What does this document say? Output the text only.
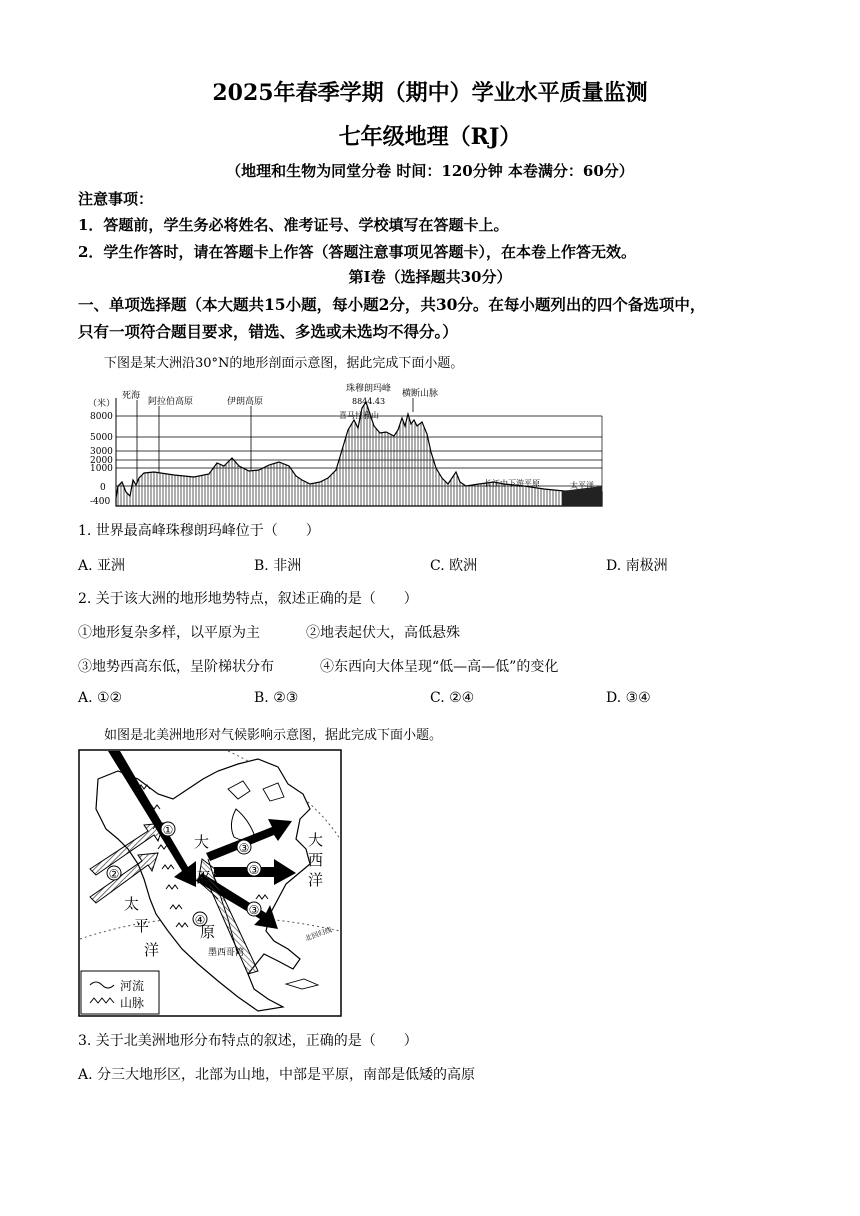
2025年春季学期（期中）学业水平质量监测
七年级地理（RJ）
（地理和生物为同堂分卷 时间：120分钟 本卷满分：60分）
注意事项：
1．答题前，学生务必将姓名、准考证号、学校填写在答题卡上。
2．学生作答时，请在答题卡上作答（答题注意事项见答题卡），在本卷上作答无效。
第Ⅰ卷（选择题共30分）
一、单项选择题（本大题共15小题，每小题2分，共30分。在每小题列出的四个备选项中，
只有一项符合题目要求，错选、多选或未选均不得分。）
下图是某大洲沿30°N的地形剖面示意图，据此完成下面小题。
（米）
8000
5000
3000
2000
1000
0
-400
死海
阿拉伯高原	伊朗高原
珠穆朗玛峰
8844.43
喜马拉雅山
横断山脉
长江中下游平原	太平洋
1. 世界最高峰珠穆朗玛峰位于（　　）
A. 亚洲	B. 非洲	C. 欧洲	D. 南极洲
2. 关于该大洲的地形地势特点，叙述正确的是（　　）
①地形复杂多样，以平原为主	②地表起伏大，高低悬殊
③地势西高东低，呈阶梯状分布	④东西向大体呈现“低—高—低”的变化
A. ①②	B. ②③	C. ②④	D. ③④
如图是北美洲地形对气候影响示意图，据此完成下面小题。
①
②
③
③
③
④
大
平
原
大
西
洋
太
平
洋	墨西哥湾
北回归线
河流
山脉
3. 关于北美洲地形分布特点的叙述，正确的是（　　）
A. 分三大地形区，北部为山地，中部是平原，南部是低矮的高原
